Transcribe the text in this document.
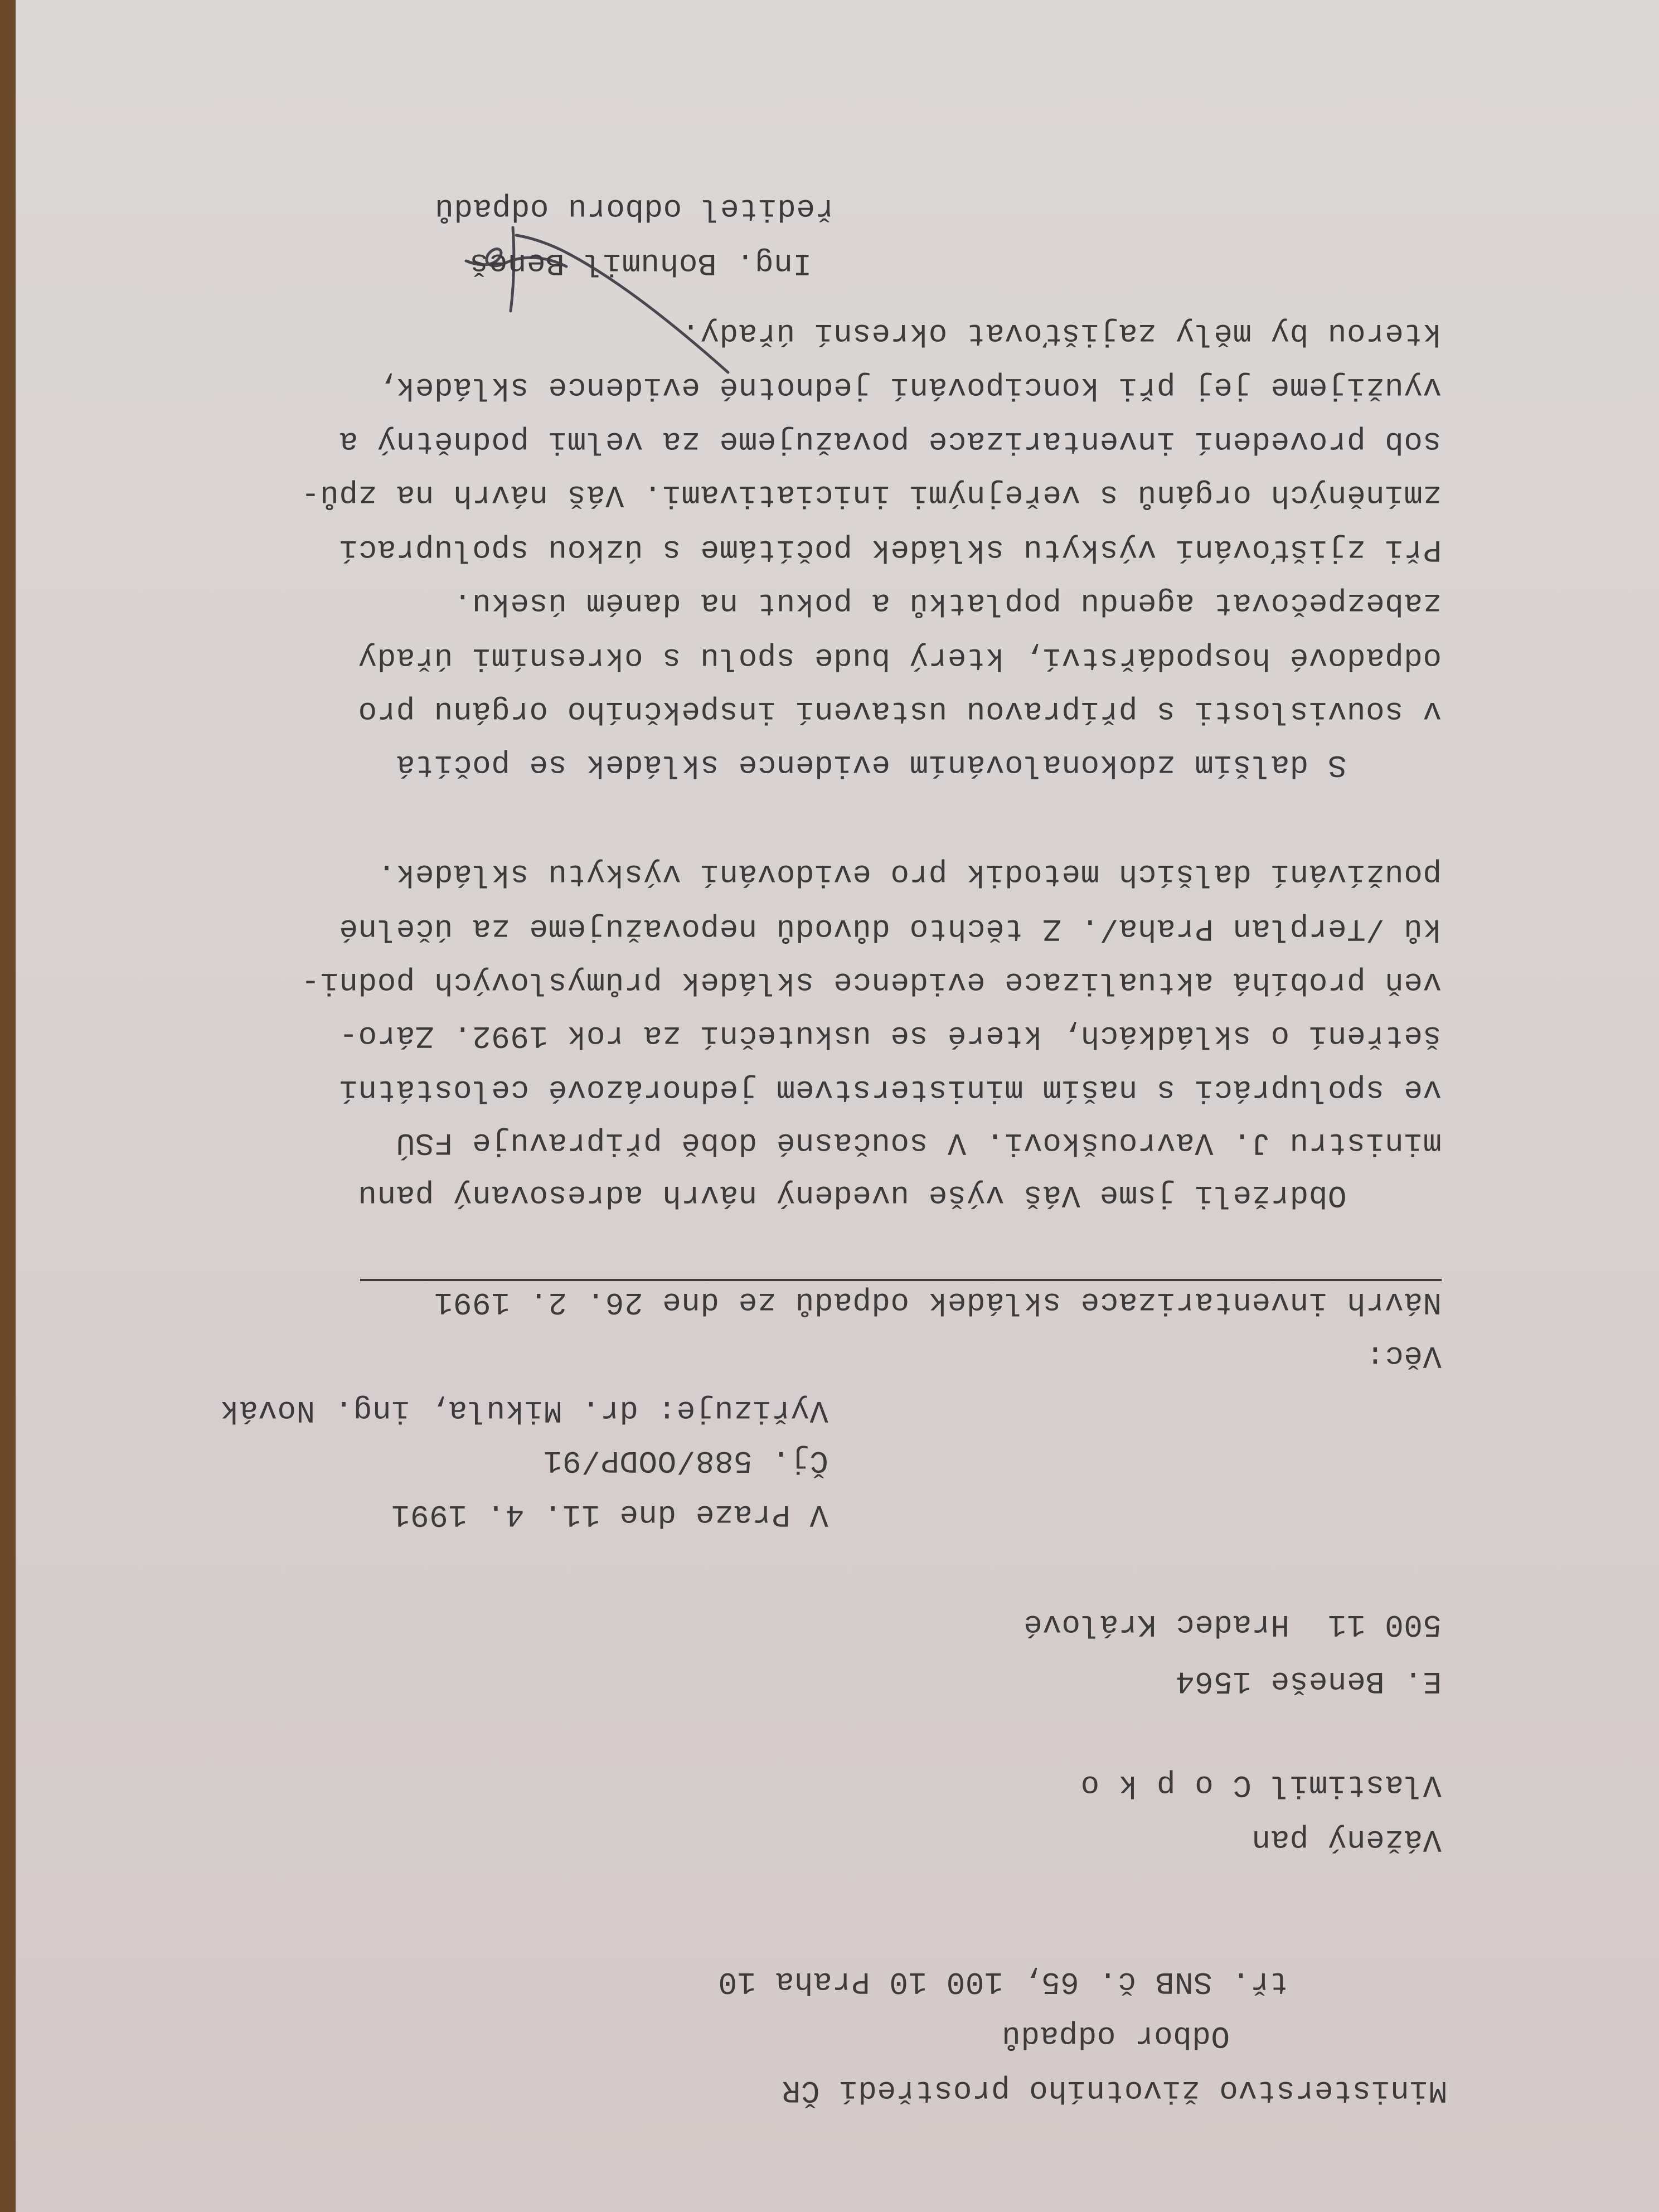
Ministerstvo životního prostředí ČR
Odbor odpadů
tř. SNB č. 65, 100 10 Praha 10
Vážený pan
Vlastimil C o p k o
E. Beneše 1564
500 11  Hradec Králové
V Praze dne 11. 4. 1991
Čj. 588/OODP/91
Vyřizuje: dr. Mikula, ing. Novák
Věc:
Návrh inventarizace skládek odpadů ze dne 26. 2. 1991
Obdrželi jsme Váš výše uvedený návrh adresovaný panu
ministru J. Vavrouškovi. V současné době připravuje FSÚ
ve spolupráci s naším ministerstvem jednorázové celostátní
šetření o skládkách, které se uskuteční za rok 1992. Záro-
veň probíhá aktualizace evidence skládek průmyslových podni-
ků /Terplan Praha/. Z těchto důvodů nepovažujeme za účelné
používání dalších metodik pro evidování výskytu skládek.
S dalším zdokonalováním evidence skládek se počítá
v souvislosti s přípravou ustavení inspekčního orgánu pro
odpadové hospodářství, který bude spolu s okresními úřady
zabezpečovat agendu poplatků a pokut na daném úseku.
Při zjišťování výskytu skládek počítáme s úzkou spoluprací
zmíněných orgánů s veřejnými iniciativami. Váš návrh na způ-
sob provedení inventarizace považujeme za velmi podnětný a
využijeme jej při koncipování jednotné evidence skládek,
kterou by měly zajišťovat okresní úřady.
Ing. Bohumil Beneš
ředitel odboru odpadů
